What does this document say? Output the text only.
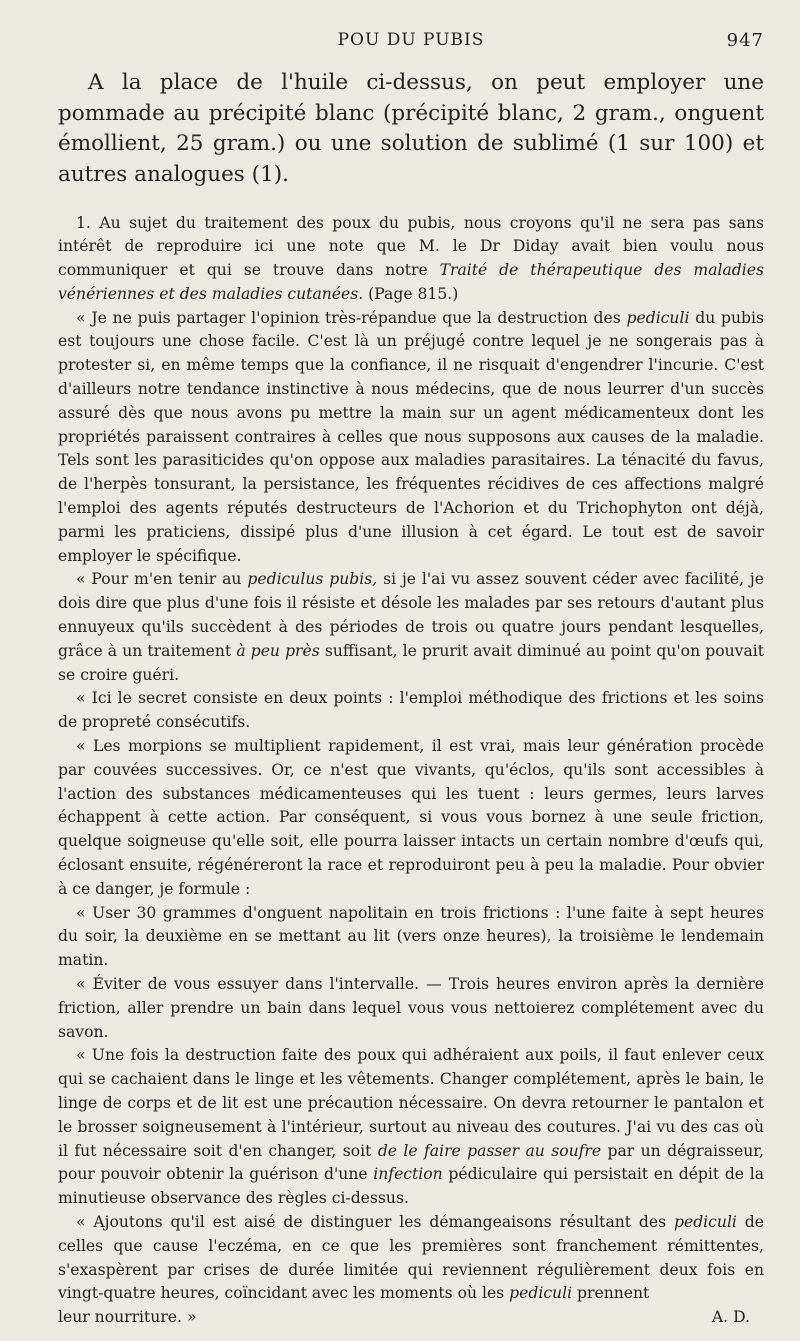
POU DU PUBIS	947

A la place de l'huile ci-dessus, on peut employer une pommade au précipité blanc (précipité blanc, 2 gram., onguent émollient, 25 gram.) ou une solution de sublimé (1 sur 100) et autres analogues (1).

1. Au sujet du traitement des poux du pubis, nous croyons qu'il ne sera pas sans intérêt de reproduire ici une note que M. le Dr Diday avait bien voulu nous communiquer et qui se trouve dans notre Traité de thérapeutique des maladies vénériennes et des maladies cutanées. (Page 815.)

« Je ne puis partager l'opinion très-répandue que la destruction des pediculi du pubis est toujours une chose facile. C'est là un préjugé contre lequel je ne songerais pas à protester si, en même temps que la confiance, il ne risquait d'engendrer l'incurie. C'est d'ailleurs notre tendance instinctive à nous médecins, que de nous leurrer d'un succès assuré dès que nous avons pu mettre la main sur un agent médicamenteux dont les propriétés paraissent contraires à celles que nous supposons aux causes de la maladie. Tels sont les parasiticides qu'on oppose aux maladies parasitaires. La ténacité du favus, de l'herpès tonsurant, la persistance, les fréquentes récidives de ces affections malgré l'emploi des agents réputés destructeurs de l'Achorion et du Trichophyton ont déjà, parmi les praticiens, dissipé plus d'une illusion à cet égard. Le tout est de savoir employer le spécifique.

« Pour m'en tenir au pediculus pubis, si je l'ai vu assez souvent céder avec facilité, je dois dire que plus d'une fois il résiste et désole les malades par ses retours d'autant plus ennuyeux qu'ils succèdent à des périodes de trois ou quatre jours pendant lesquelles, grâce à un traitement à peu près suffisant, le prurit avait diminué au point qu'on pouvait se croire guéri.

« Ici le secret consiste en deux points : l'emploi méthodique des frictions et les soins de propreté consécutifs.

« Les morpions se multiplient rapidement, il est vrai, mais leur génération procède par couvées successives. Or, ce n'est que vivants, qu'éclos, qu'ils sont accessibles à l'action des substances médicamenteuses qui les tuent : leurs germes, leurs larves échappent à cette action. Par conséquent, si vous vous bornez à une seule friction, quelque soigneuse qu'elle soit, elle pourra laisser intacts un certain nombre d'œufs qui, éclosant ensuite, régénéreront la race et reproduiront peu à peu la maladie. Pour obvier à ce danger, je formule :

« User 30 grammes d'onguent napolitain en trois frictions : l'une faite à sept heures du soir, la deuxième en se mettant au lit (vers onze heures), la troisième le lendemain matin.

« Éviter de vous essuyer dans l'intervalle. — Trois heures environ après la dernière friction, aller prendre un bain dans lequel vous vous nettoierez complétement avec du savon.

« Une fois la destruction faite des poux qui adhéraient aux poils, il faut enlever ceux qui se cachaient dans le linge et les vêtements. Changer complétement, après le bain, le linge de corps et de lit est une précaution nécessaire. On devra retourner le pantalon et le brosser soigneusement à l'intérieur, surtout au niveau des coutures. J'ai vu des cas où il fut nécessaire soit d'en changer, soit de le faire passer au soufre par un dégraisseur, pour pouvoir obtenir la guérison d'une infection pédiculaire qui persistait en dépit de la minutieuse observance des règles ci-dessus.

« Ajoutons qu'il est aisé de distinguer les démangeaisons résultant des pediculi de celles que cause l'eczéma, en ce que les premières sont franchement rémittentes, s'exaspèrent par crises de durée limitée qui reviennent régulièrement deux fois en vingt-quatre heures, coïncidant avec les moments où les pediculi prennent

leur nourriture. »	A. D.
